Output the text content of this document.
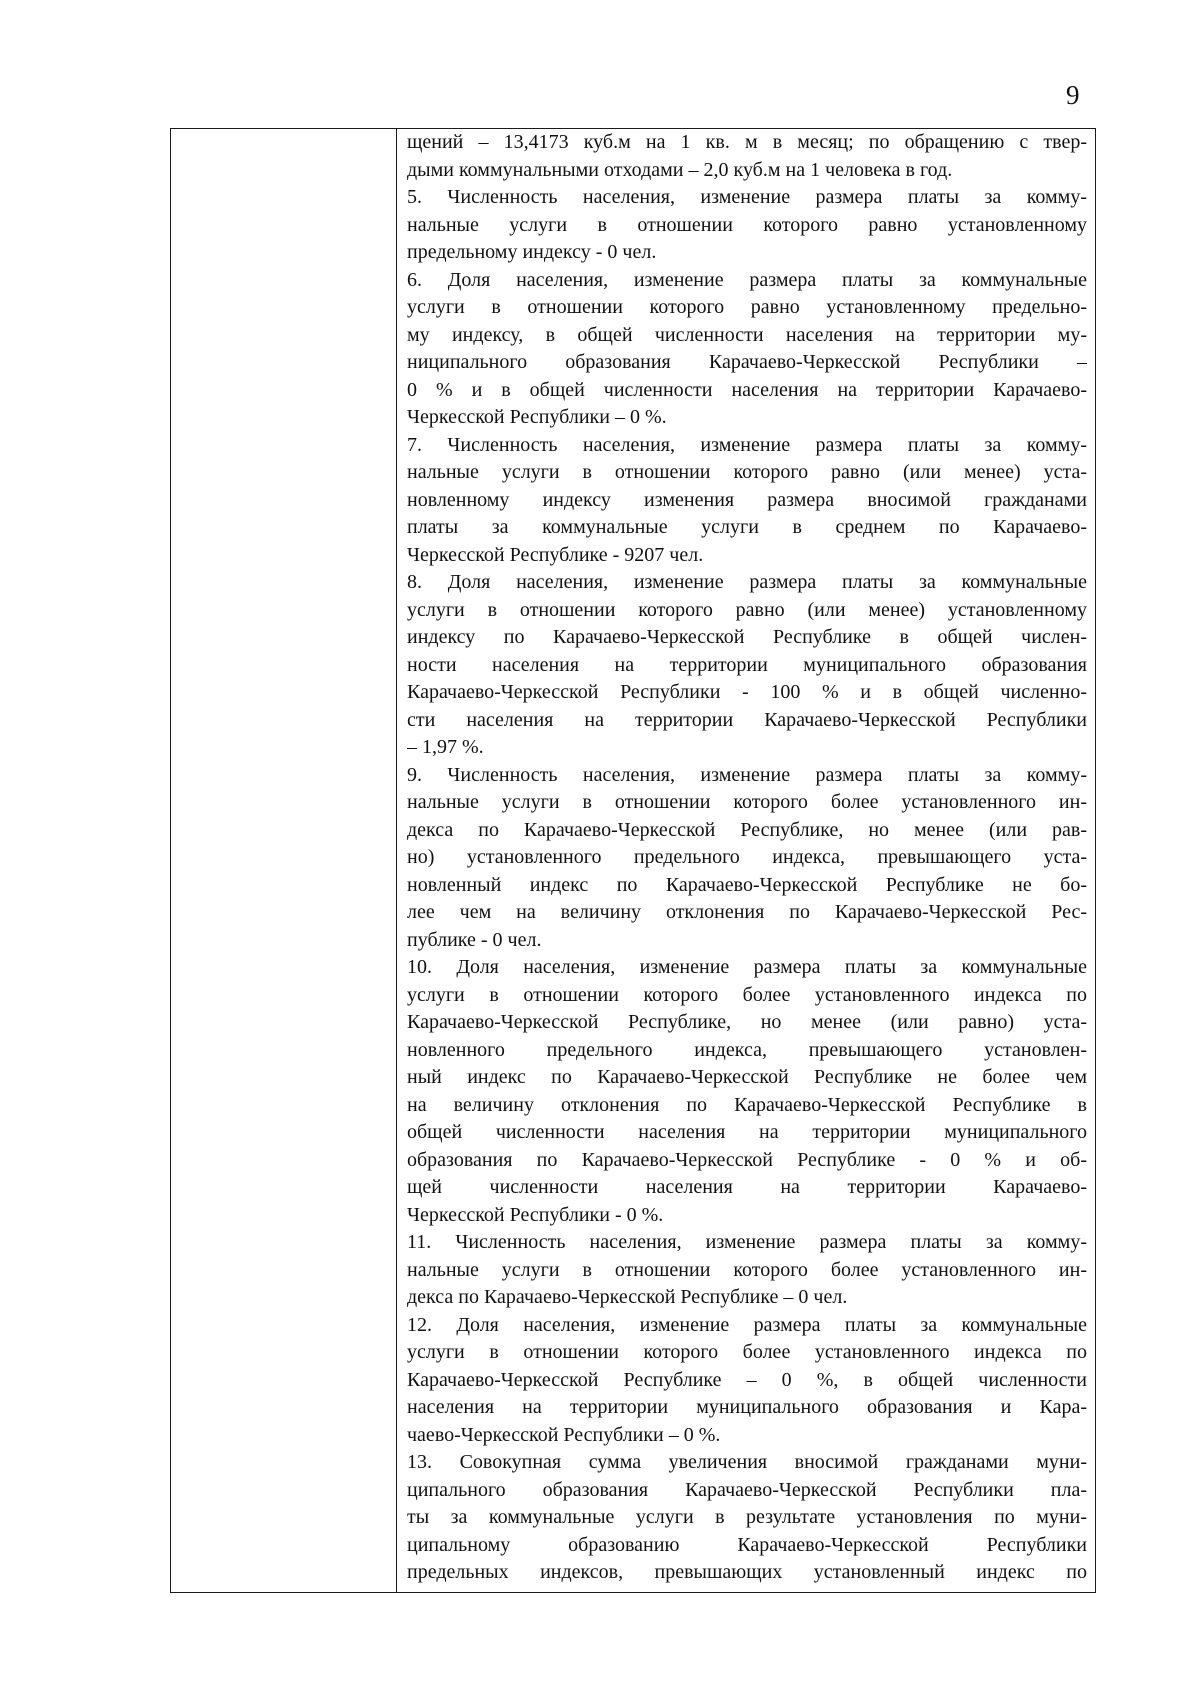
9
щений – 13,4173 куб.м на 1 кв. м в месяц; по обращению с твер-
дыми коммунальными отходами – 2,0 куб.м на 1 человека в год.
5. Численность населения, изменение размера платы за комму-
нальные услуги в отношении которого равно установленному
предельному индексу - 0 чел.
6. Доля населения, изменение размера платы за коммунальные
услуги в отношении которого равно установленному предельно-
му индексу, в общей численности населения на территории му-
ниципального образования Карачаево-Черкесской Республики –
0 % и в общей численности населения на территории Карачаево-
Черкесской Республики – 0 %.
7. Численность населения, изменение размера платы за комму-
нальные услуги в отношении которого равно (или менее) уста-
новленному индексу изменения размера вносимой гражданами
платы за коммунальные услуги в среднем по Карачаево-
Черкесской Республике - 9207 чел.
8. Доля населения, изменение размера платы за коммунальные
услуги в отношении которого равно (или менее) установленному
индексу по Карачаево-Черкесской Республике в общей числен-
ности населения на территории муниципального образования
Карачаево-Черкесской Республики - 100 % и в общей численно-
сти населения на территории Карачаево-Черкесской Республики
– 1,97 %.
9. Численность населения, изменение размера платы за комму-
нальные услуги в отношении которого более установленного ин-
декса по Карачаево-Черкесской Республике, но менее (или рав-
но) установленного предельного индекса, превышающего уста-
новленный индекс по Карачаево-Черкесской Республике не бо-
лее чем на величину отклонения по Карачаево-Черкесской Рес-
публике - 0 чел.
10. Доля населения, изменение размера платы за коммунальные
услуги в отношении которого более установленного индекса по
Карачаево-Черкесской Республике, но менее (или равно) уста-
новленного предельного индекса, превышающего установлен-
ный индекс по Карачаево-Черкесской Республике не более чем
на величину отклонения по Карачаево-Черкесской Республике в
общей численности населения на территории муниципального
образования по Карачаево-Черкесской Республике - 0 % и об-
щей численности населения на территории Карачаево-
Черкесской Республики - 0 %.
11. Численность населения, изменение размера платы за комму-
нальные услуги в отношении которого более установленного ин-
декса по Карачаево-Черкесской Республике – 0 чел.
12. Доля населения, изменение размера платы за коммунальные
услуги в отношении которого более установленного индекса по
Карачаево-Черкесской Республике – 0 %, в общей численности
населения на территории муниципального образования и Кара-
чаево-Черкесской Республики – 0 %.
13. Совокупная сумма увеличения вносимой гражданами муни-
ципального образования Карачаево-Черкесской Республики пла-
ты за коммунальные услуги в результате установления по муни-
ципальному образованию Карачаево-Черкесской Республики
предельных индексов, превышающих установленный индекс по
